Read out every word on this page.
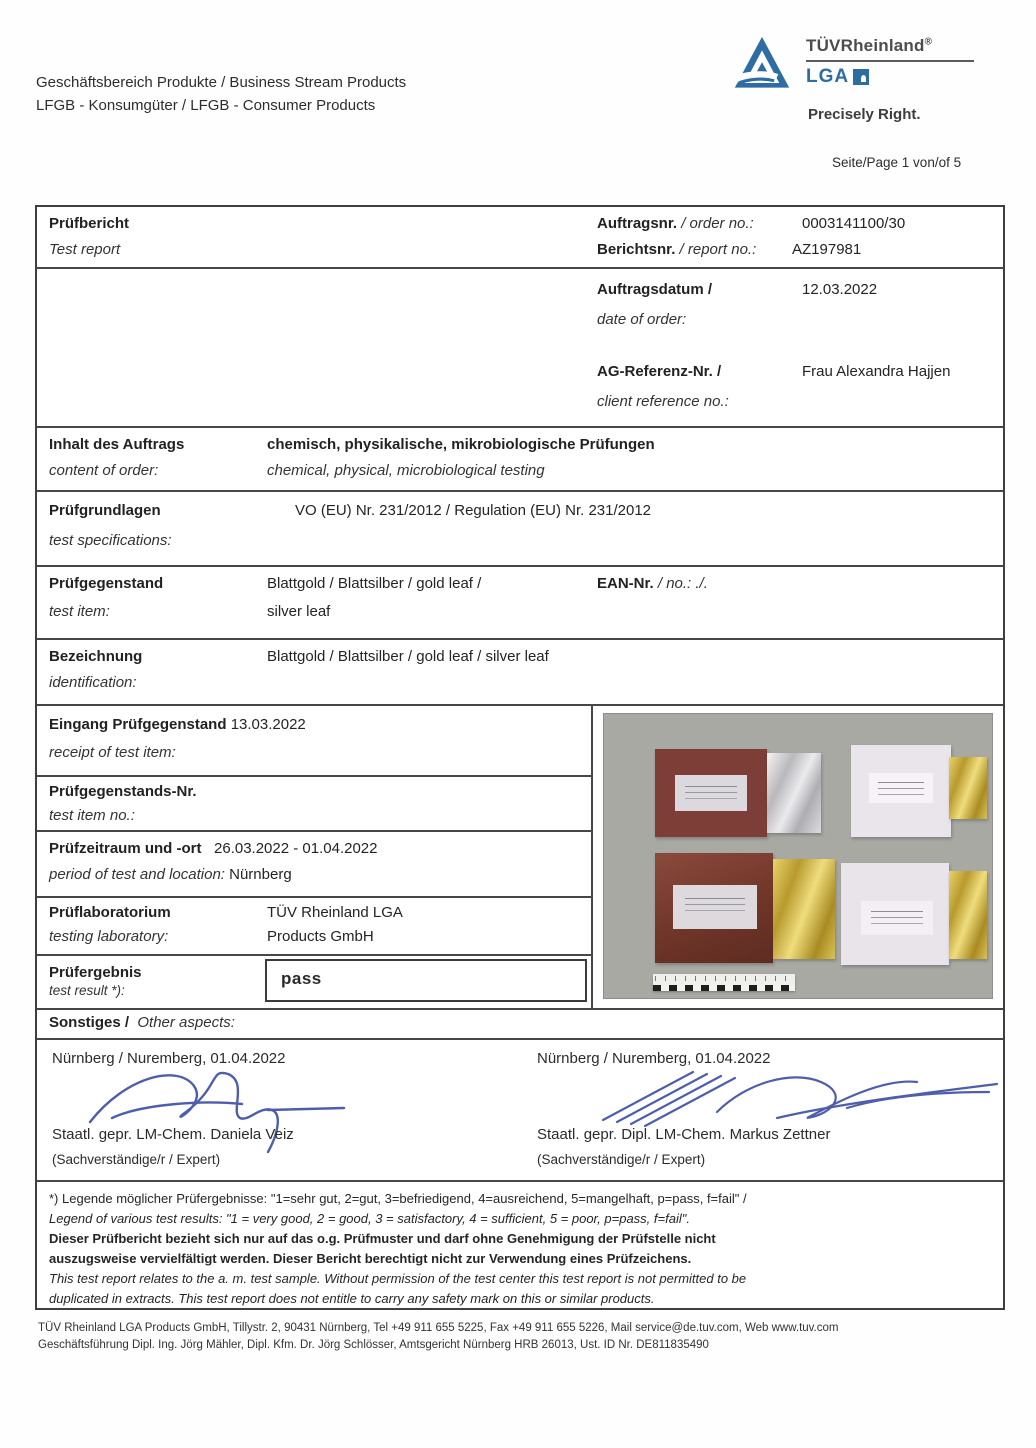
Geschäftsbereich Produkte / Business Stream Products
LFGB - Konsumgüter / LFGB - Consumer Products
TÜVRheinland®
LGA
Precisely Right.
Seite/Page 1 von/of 5
Prüfbericht
Test report
Auftragsnr. / order no.:	0003141100/30
Berichtsnr. / report no.: AZ197981
Auftragsdatum /
date of order:
12.03.2022
AG-Referenz-Nr. /
client reference no.:
Frau Alexandra Hajjen
Inhalt des Auftrags
content of order:
chemisch, physikalische, mikrobiologische Prüfungen
chemical, physical, microbiological testing
Prüfgrundlagen
test specifications:
VO (EU) Nr. 231/2012 / Regulation (EU) Nr. 231/2012
Prüfgegenstand
test item:
Blattgold / Blattsilber / gold leaf /
silver leaf
EAN-Nr. / no.: ./.
Bezeichnung
identification:
Blattgold / Blattsilber / gold leaf / silver leaf
Eingang Prüfgegenstand 13.03.2022
receipt of test item:
Prüfgegenstands-Nr.
test item no.:
Prüfzeitraum und -ort 26.03.2022 - 01.04.2022
period of test and location: Nürnberg
Prüflaboratorium
testing laboratory:
TÜV Rheinland LGA
Products GmbH
Prüfergebnis
test result *):
pass
Sonstiges / Other aspects:
Nürnberg / Nuremberg, 01.04.2022
Staatl. gepr. LM-Chem. Daniela Veiz
(Sachverständige/r / Expert)
Nürnberg / Nuremberg, 01.04.2022
Staatl. gepr. Dipl. LM-Chem. Markus Zettner
(Sachverständige/r / Expert)
*) Legende möglicher Prüfergebnisse: "1=sehr gut, 2=gut, 3=befriedigend, 4=ausreichend, 5=mangelhaft, p=pass, f=fail" /
Legend of various test results: "1 = very good, 2 = good, 3 = satisfactory, 4 = sufficient, 5 = poor, p=pass, f=fail".
Dieser Prüfbericht bezieht sich nur auf das o.g. Prüfmuster und darf ohne Genehmigung der Prüfstelle nicht
auszugsweise vervielfältigt werden. Dieser Bericht berechtigt nicht zur Verwendung eines Prüfzeichens.
This test report relates to the a. m. test sample. Without permission of the test center this test report is not permitted to be
duplicated in extracts. This test report does not entitle to carry any safety mark on this or similar products.
TÜV Rheinland LGA Products GmbH, Tillystr. 2, 90431 Nürnberg, Tel +49 911 655 5225, Fax +49 911 655 5226, Mail service@de.tuv.com, Web www.tuv.com
Geschäftsführung Dipl. Ing. Jörg Mähler, Dipl. Kfm. Dr. Jörg Schlösser, Amtsgericht Nürnberg HRB 26013, Ust. ID Nr. DE811835490
